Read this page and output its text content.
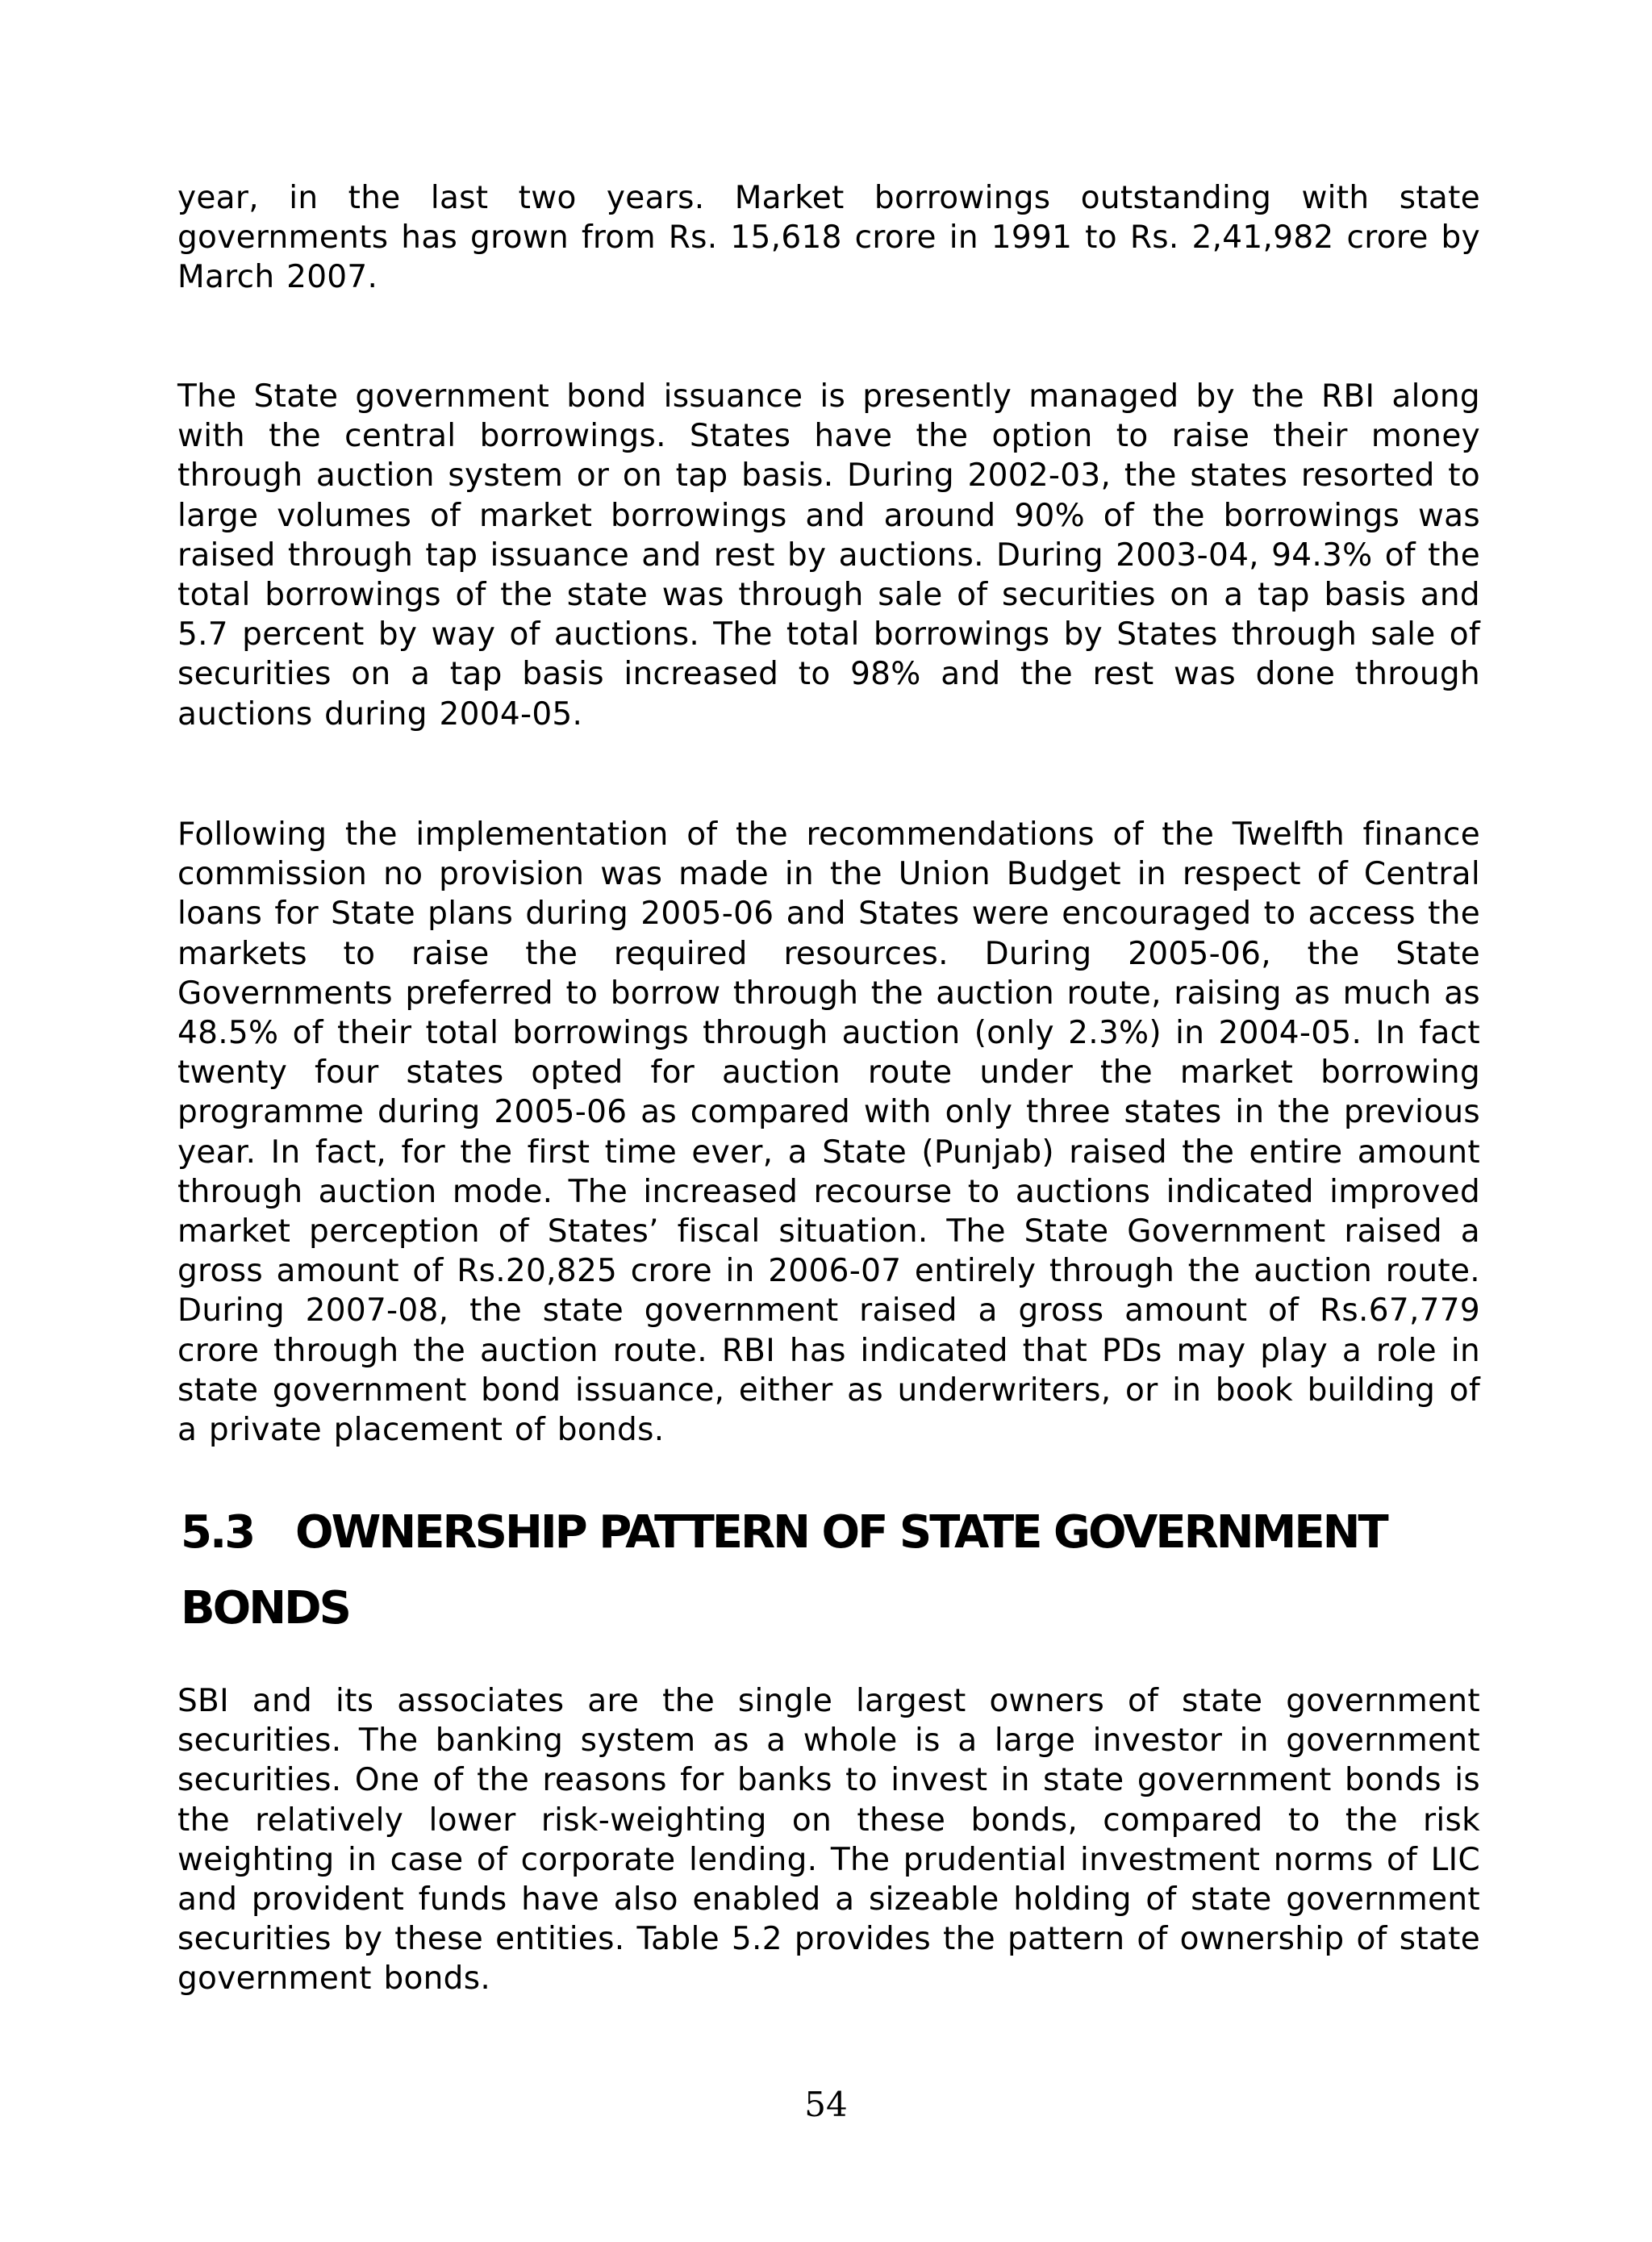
year, in the last two years. Market borrowings outstanding with state governments has grown from Rs. 15,618 crore in 1991 to Rs. 2,41,982 crore by March 2007.

The State government bond issuance is presently managed by the RBI along with the central borrowings. States have the option to raise their money through auction system or on tap basis. During 2002-03, the states resorted to large volumes of market borrowings and around 90% of the borrowings was raised through tap issuance and rest by auctions. During 2003-04, 94.3% of the total borrowings of the state was through sale of securities on a tap basis and 5.7 percent by way of auctions. The total borrowings by States through sale of securities on a tap basis increased to 98% and the rest was done through auctions during 2004-05.

Following the implementation of the recommendations of the Twelfth finance commission no provision was made in the Union Budget in respect of Central loans for State plans during 2005-06 and States were encouraged to access the markets to raise the required resources. During 2005-06, the State Governments preferred to borrow through the auction route, raising as much as 48.5% of their total borrowings through auction (only 2.3%) in 2004-05. In fact twenty four states opted for auction route under the market borrowing programme during 2005-06 as compared with only three states in the previous year. In fact, for the first time ever, a State (Punjab) raised the entire amount through auction mode. The increased recourse to auctions indicated improved market perception of States’ fiscal situation. The State Government raised a gross amount of Rs.20,825 crore in 2006-07 entirely through the auction route. During 2007-08, the state government raised a gross amount of Rs.67,779 crore through the auction route. RBI has indicated that PDs may play a role in state government bond issuance, either as underwriters, or in book building of a private placement of bonds.

5.3 OWNERSHIP PATTERN OF STATE GOVERNMENT BONDS

SBI and its associates are the single largest owners of state government securities. The banking system as a whole is a large investor in government securities. One of the reasons for banks to invest in state government bonds is the relatively lower risk-weighting on these bonds, compared to the risk weighting in case of corporate lending. The prudential investment norms of LIC and provident funds have also enabled a sizeable holding of state government securities by these entities. Table 5.2 provides the pattern of ownership of state government bonds.

54
